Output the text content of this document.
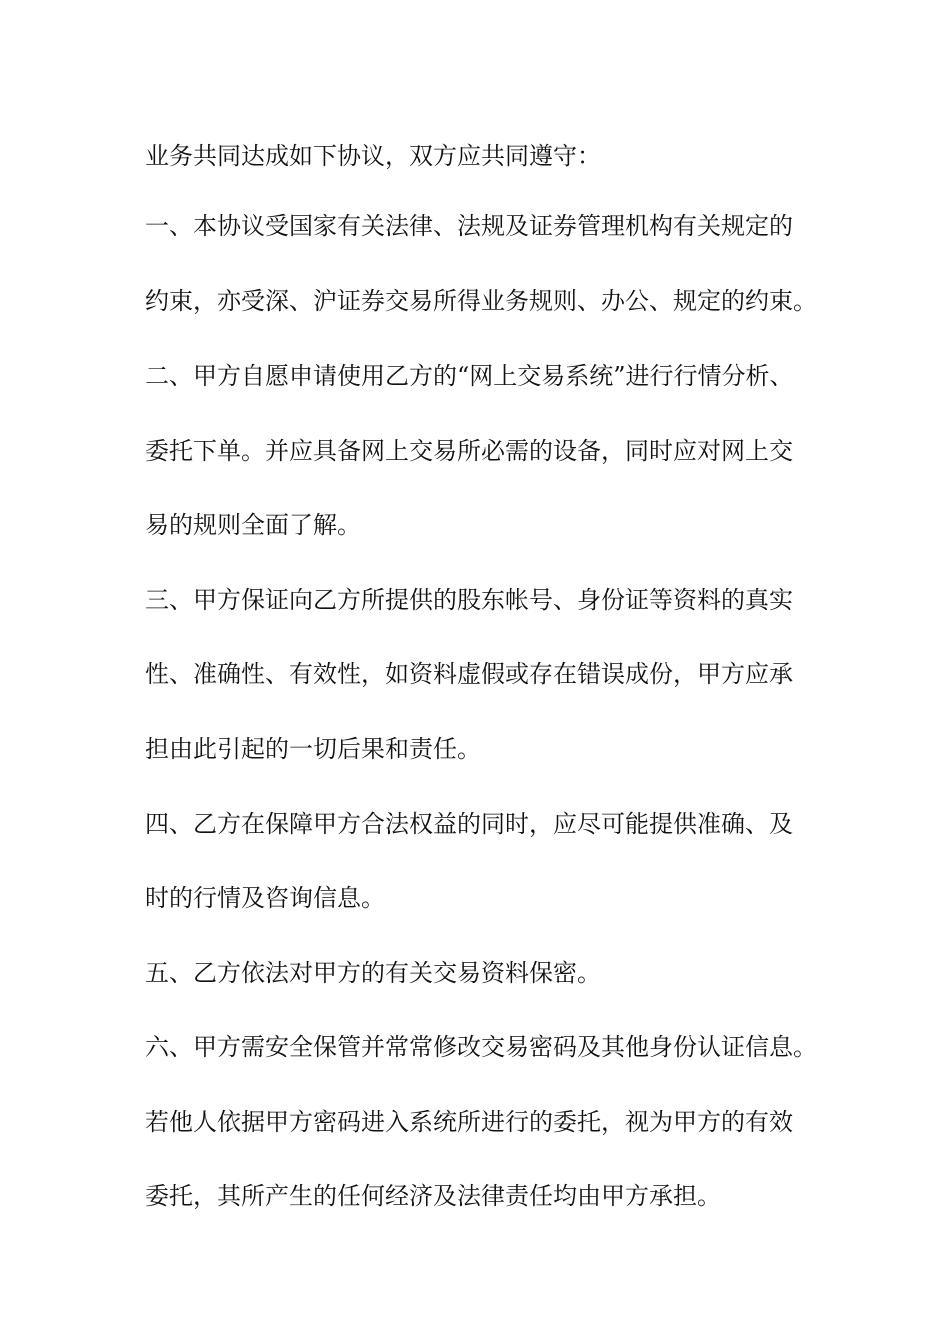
业务共同达成如下协议，双方应共同遵守：
一、本协议受国家有关法律、法规及证券管理机构有关规定的
约束，亦受深、沪证券交易所得业务规则、办公、规定的约束。
二、甲方自愿申请使用乙方的“网上交易系统”进行行情分析、
委托下单。并应具备网上交易所必需的设备，同时应对网上交
易的规则全面了解。
三、甲方保证向乙方所提供的股东帐号、身份证等资料的真实
性、准确性、有效性，如资料虚假或存在错误成份，甲方应承
担由此引起的一切后果和责任。
四、乙方在保障甲方合法权益的同时，应尽可能提供准确、及
时的行情及咨询信息。
五、乙方依法对甲方的有关交易资料保密。
六、甲方需安全保管并常常修改交易密码及其他身份认证信息。
若他人依据甲方密码进入系统所进行的委托，视为甲方的有效
委托，其所产生的任何经济及法律责任均由甲方承担。
